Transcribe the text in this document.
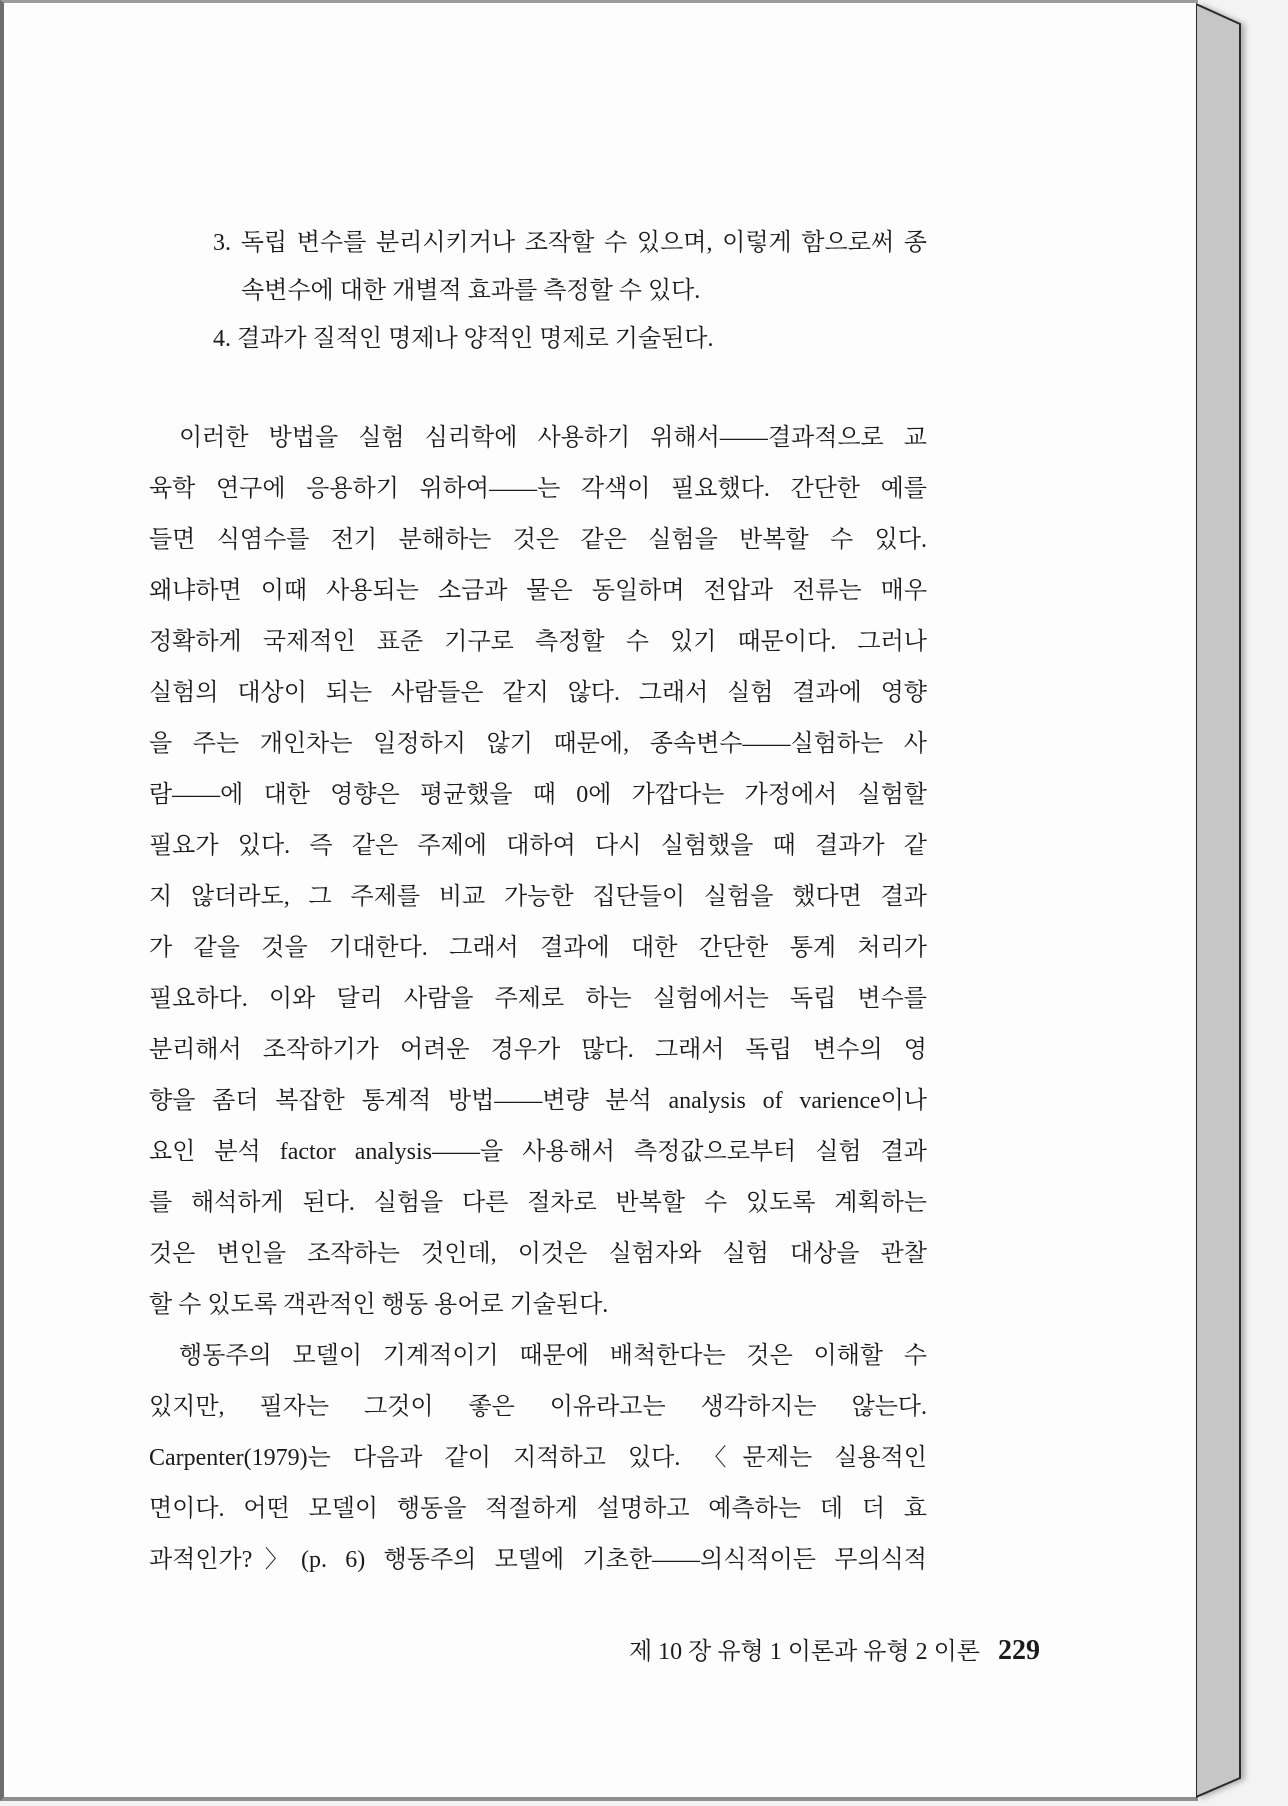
3. 독립 변수를 분리시키거나 조작할 수 있으며, 이렇게 함으로써 종
속변수에 대한 개별적 효과를 측정할 수 있다.
4. 결과가 질적인 명제나 양적인 명제로 기술된다.
이러한 방법을 실험 심리학에 사용하기 위해서——결과적으로 교
육학 연구에 응용하기 위하여——는 각색이 필요했다. 간단한 예를
들면 식염수를 전기 분해하는 것은 같은 실험을 반복할 수 있다.
왜냐하면 이때 사용되는 소금과 물은 동일하며 전압과 전류는 매우
정확하게 국제적인 표준 기구로 측정할 수 있기 때문이다. 그러나
실험의 대상이 되는 사람들은 같지 않다. 그래서 실험 결과에 영향
을 주는 개인차는 일정하지 않기 때문에, 종속변수——실험하는 사
람——에 대한 영향은 평균했을 때 0에 가깝다는 가정에서 실험할
필요가 있다. 즉 같은 주제에 대하여 다시 실험했을 때 결과가 같
지 않더라도, 그 주제를 비교 가능한 집단들이 실험을 했다면 결과
가 같을 것을 기대한다. 그래서 결과에 대한 간단한 통계 처리가
필요하다. 이와 달리 사람을 주제로 하는 실험에서는 독립 변수를
분리해서 조작하기가 어려운 경우가 많다. 그래서 독립 변수의 영
향을 좀더 복잡한 통계적 방법——변량 분석 analysis of varience이나
요인 분석 factor analysis——을 사용해서 측정값으로부터 실험 결과
를 해석하게 된다. 실험을 다른 절차로 반복할 수 있도록 계획하는
것은 변인을 조작하는 것인데, 이것은 실험자와 실험 대상을 관찰
할 수 있도록 객관적인 행동 용어로 기술된다.
행동주의 모델이 기계적이기 때문에 배척한다는 것은 이해할 수
있지만, 필자는 그것이 좋은 이유라고는 생각하지는 않는다.
Carpenter(1979)는 다음과 같이 지적하고 있다. 〈문제는 실용적인
면이다. 어떤 모델이 행동을 적절하게 설명하고 예측하는 데 더 효
과적인가?〉(p. 6) 행동주의 모델에 기초한——의식적이든 무의식적
제 10 장 유형 1 이론과 유형 2 이론 229
